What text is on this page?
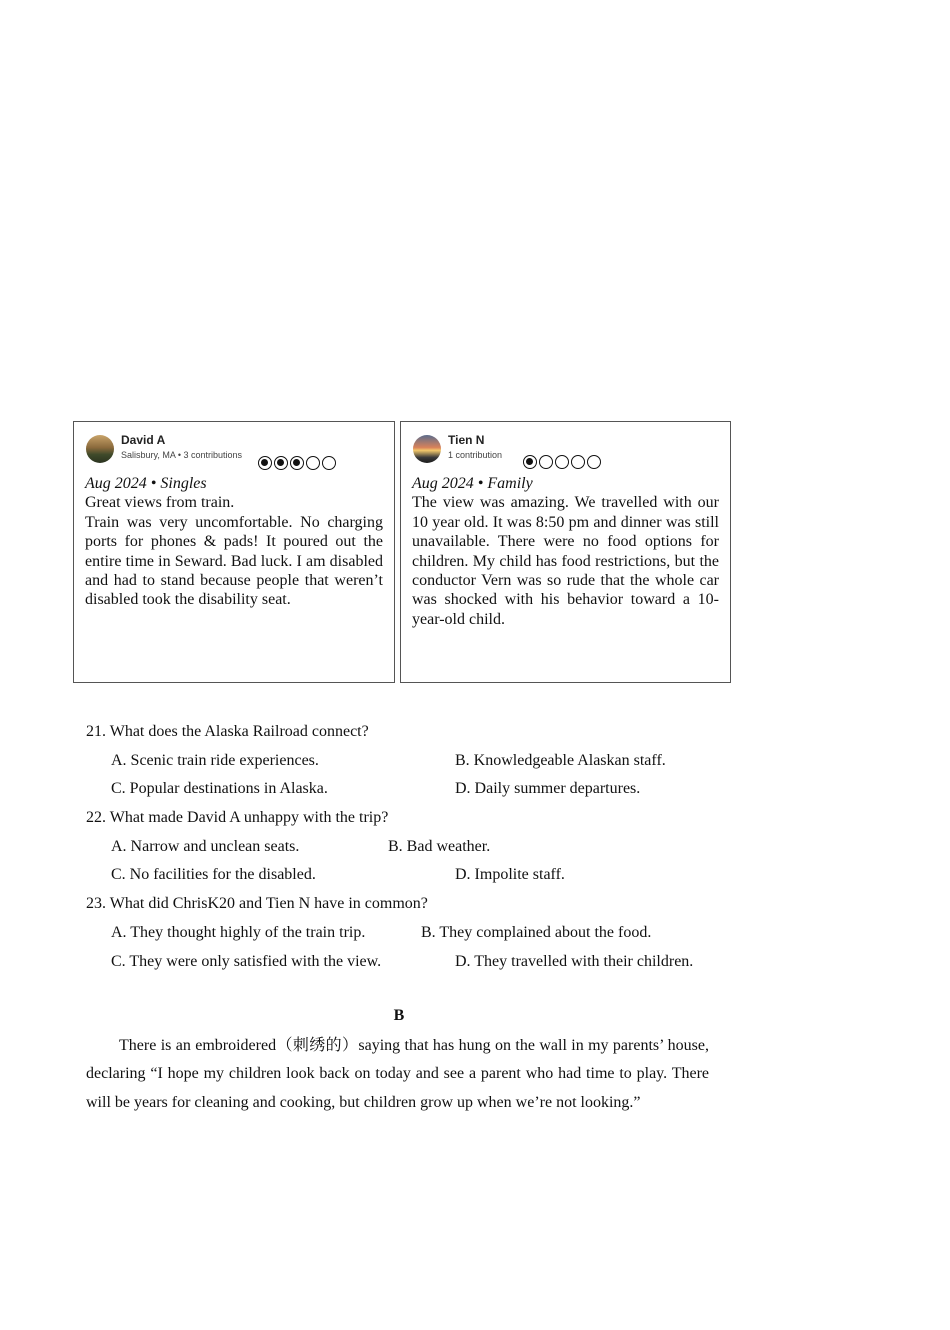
David A
Salisbury, MA • 3 contributions
Aug 2024 • Singles
Great views from train.
Train was very uncomfortable. No charging ports for phones & pads! It poured out the entire time in Seward. Bad luck. I am disabled and had to stand because people that weren’t disabled took the disability seat.
Tien N
1 contribution
Aug 2024 • Family
The view was amazing. We travelled with our 10 year old. It was 8:50 pm and dinner was still unavailable. There were no food options for children. My child has food restrictions, but the conductor Vern was so rude that the whole car was shocked with his behavior toward a 10-year-old child.
21. What does the Alaska Railroad connect?
A. Scenic train ride experiences.	B. Knowledgeable Alaskan staff.
C. Popular destinations in Alaska.	D. Daily summer departures.
22. What made David A unhappy with the trip?
A. Narrow and unclean seats.	B. Bad weather.
C. No facilities for the disabled.	D. Impolite staff.
23. What did ChrisK20 and Tien N have in common?
A. They thought highly of the train trip.	B. They complained about the food.
C. They were only satisfied with the view.	D. They travelled with their children.
B
There is an embroidered（刺绣的）saying that has hung on the wall in my parents’ house, declaring “I hope my children look back on today and see a parent who had time to play. There will be years for cleaning and cooking, but children grow up when we’re not looking.”
